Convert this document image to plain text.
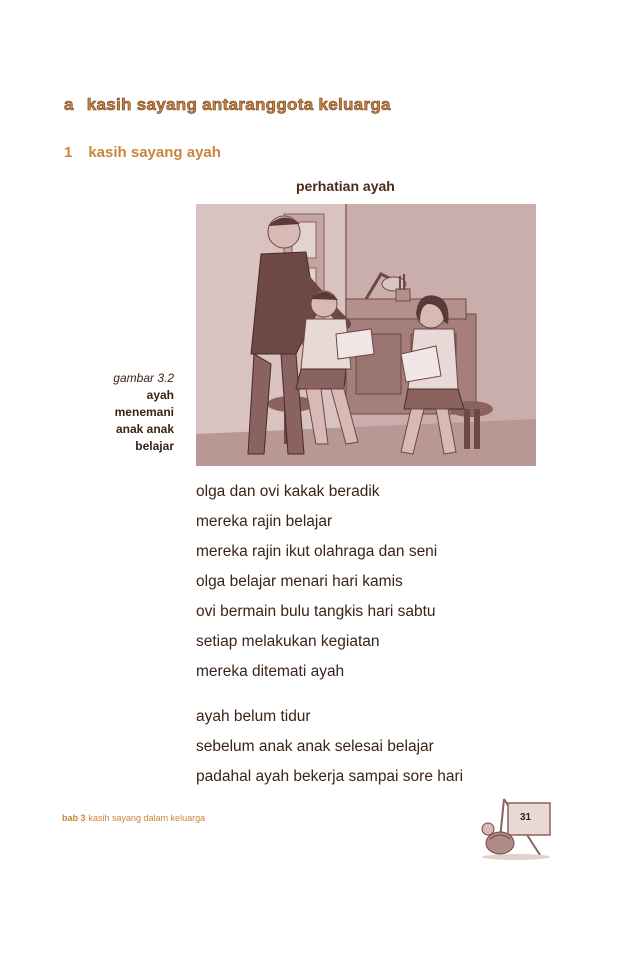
a kasih sayang antaranggota keluarga
1 kasih sayang ayah
perhatian ayah
gambar 3.2
ayah
menemani
anak anak
belajar
olga dan ovi kakak beradik
mereka rajin belajar
mereka rajin ikut olahraga dan seni
olga belajar menari hari kamis
ovi bermain bulu tangkis hari sabtu
setiap melakukan kegiatan
mereka ditemati ayah
ayah belum tidur
sebelum anak anak selesai belajar
padahal ayah bekerja sampai sore hari
bab 3 kasih sayang dalam keluarga	31
